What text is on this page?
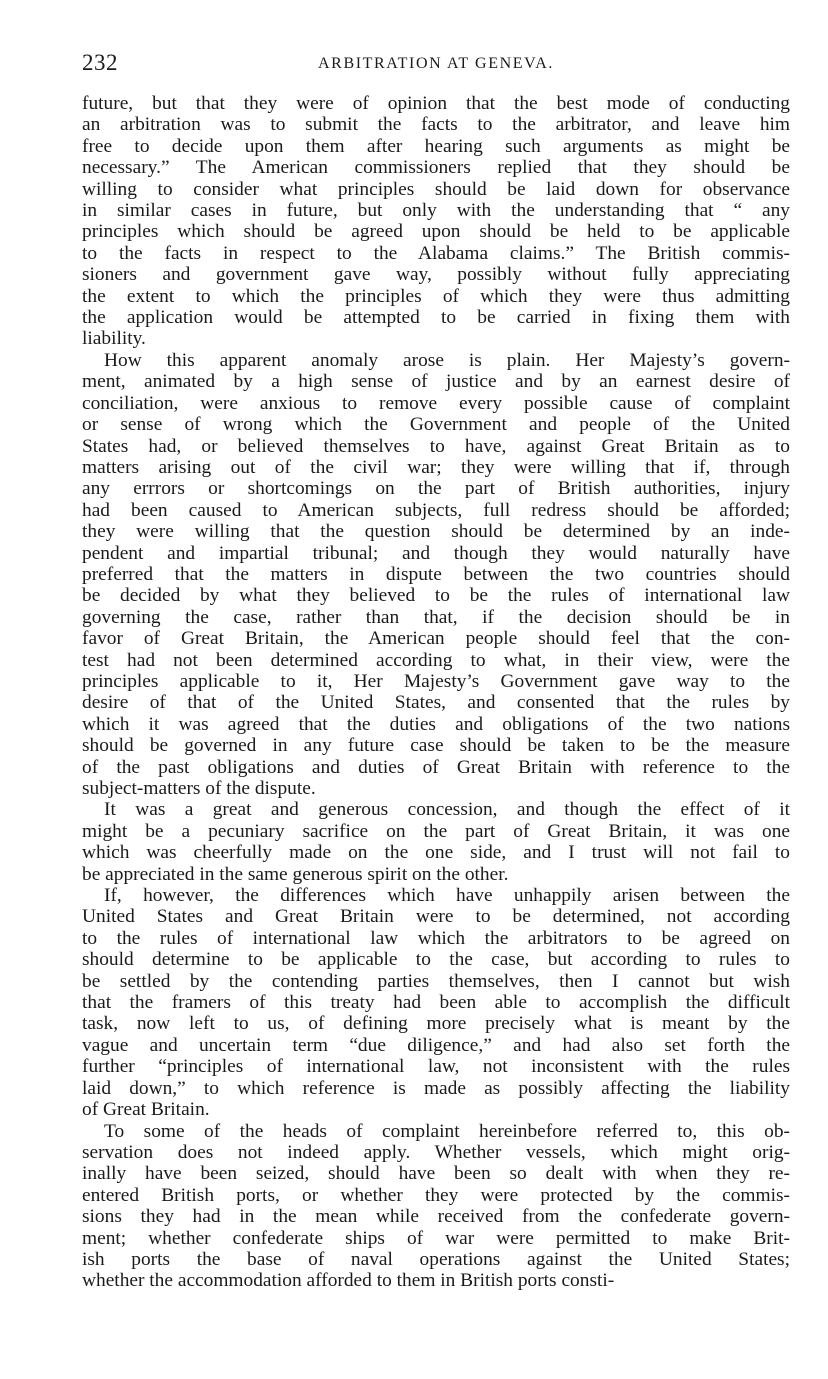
232	ARBITRATION AT GENEVA.
future, but that they were of opinion that the best mode of conducting
an arbitration was to submit the facts to the arbitrator, and leave him
free to decide upon them after hearing such arguments as might be
necessary.” The American commissioners replied that they should be
willing to consider what principles should be laid down for observance
in similar cases in future, but only with the understanding that “ any
principles which should be agreed upon should be held to be applicable
to the facts in respect to the Alabama claims.” The British commis-
sioners and government gave way, possibly without fully appreciating
the extent to which the principles of which they were thus admitting
the application would be attempted to be carried in fixing them with
liability.
How this apparent anomaly arose is plain. Her Majesty’s govern-
ment, animated by a high sense of justice and by an earnest desire of
conciliation, were anxious to remove every possible cause of complaint
or sense of wrong which the Government and people of the United
States had, or believed themselves to have, against Great Britain as to
matters arising out of the civil war; they were willing that if, through
any errrors or shortcomings on the part of British authorities, injury
had been caused to American subjects, full redress should be afforded;
they were willing that the question should be determined by an inde-
pendent and impartial tribunal; and though they would naturally have
preferred that the matters in dispute between the two countries should
be decided by what they believed to be the rules of international law
governing the case, rather than that, if the decision should be in
favor of Great Britain, the American people should feel that the con-
test had not been determined according to what, in their view, were the
principles applicable to it, Her Majesty’s Government gave way to the
desire of that of the United States, and consented that the rules by
which it was agreed that the duties and obligations of the two nations
should be governed in any future case should be taken to be the measure
of the past obligations and duties of Great Britain with reference to the
subject-matters of the dispute.
It was a great and generous concession, and though the effect of it
might be a pecuniary sacrifice on the part of Great Britain, it was one
which was cheerfully made on the one side, and I trust will not fail to
be appreciated in the same generous spirit on the other.
If, however, the differences which have unhappily arisen between the
United States and Great Britain were to be determined, not according
to the rules of international law which the arbitrators to be agreed on
should determine to be applicable to the case, but according to rules to
be settled by the contending parties themselves, then I cannot but wish
that the framers of this treaty had been able to accomplish the difficult
task, now left to us, of defining more precisely what is meant by the
vague and uncertain term “due diligence,” and had also set forth the
further “principles of international law, not inconsistent with the rules
laid down,” to which reference is made as possibly affecting the liability
of Great Britain.
To some of the heads of complaint hereinbefore referred to, this ob-
servation does not indeed apply. Whether vessels, which might orig-
inally have been seized, should have been so dealt with when they re-
entered British ports, or whether they were protected by the commis-
sions they had in the mean while received from the confederate govern-
ment; whether confederate ships of war were permitted to make Brit-
ish ports the base of naval operations against the United States;
whether the accommodation afforded to them in British ports consti-
